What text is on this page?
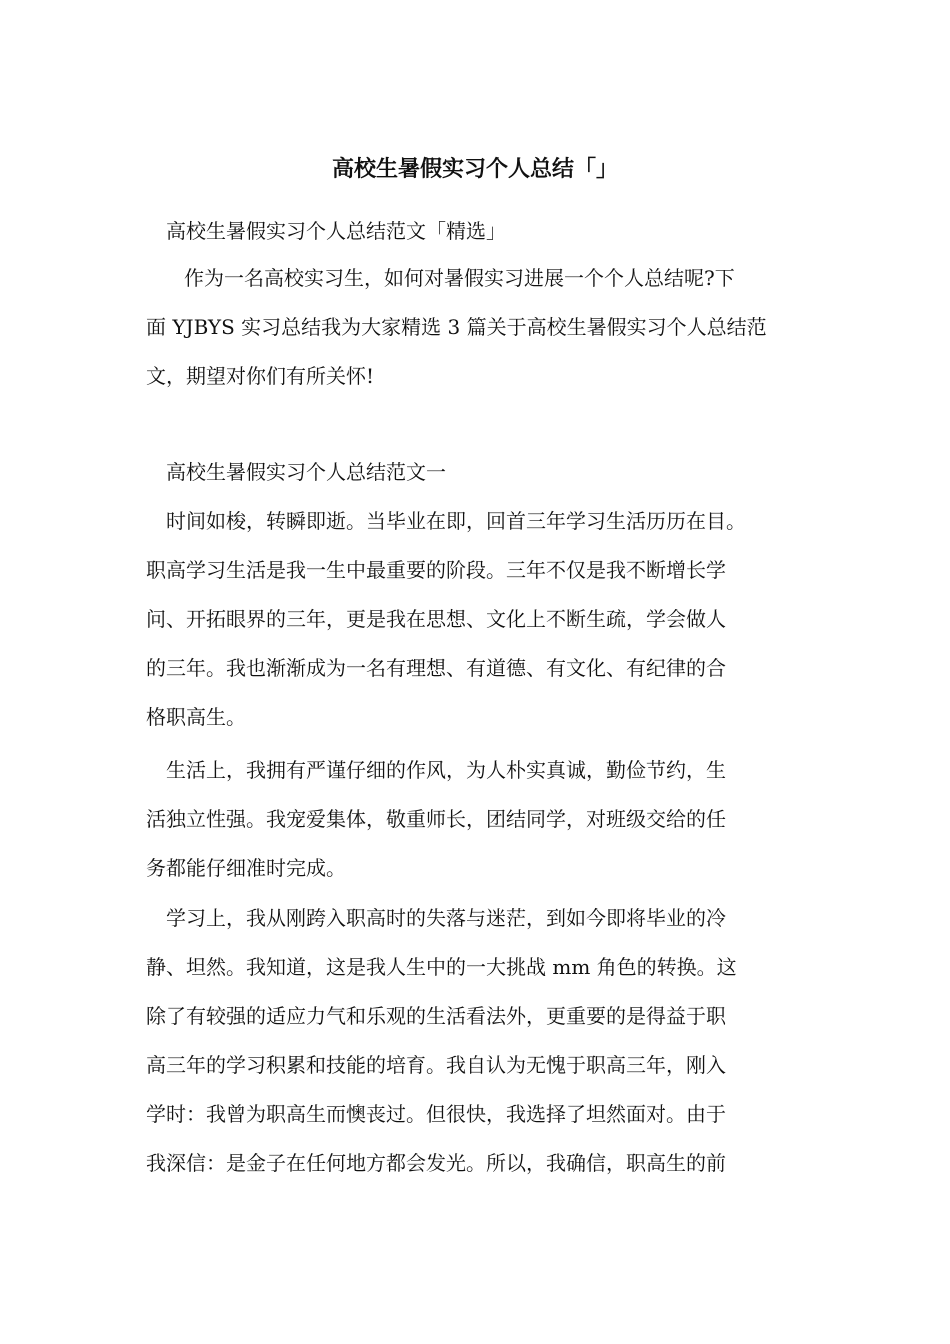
高校生暑假实习个人总结「」

高校生暑假实习个人总结范文「精选」

作为一名高校实习生，如何对暑假实习进展一个个人总结呢?下
面 YJBYS 实习总结我为大家精选 3 篇关于高校生暑假实习个人总结范
文，期望对你们有所关怀!

高校生暑假实习个人总结范文一

时间如梭，转瞬即逝。当毕业在即，回首三年学习生活历历在目。
职高学习生活是我一生中最重要的阶段。三年不仅是我不断增长学
问、开拓眼界的三年，更是我在思想、文化上不断生疏，学会做人
的三年。我也渐渐成为一名有理想、有道德、有文化、有纪律的合
格职高生。

生活上，我拥有严谨仔细的作风，为人朴实真诚，勤俭节约，生
活独立性强。我宠爱集体，敬重师长，团结同学，对班级交给的任
务都能仔细准时完成。

学习上，我从刚跨入职高时的失落与迷茫，到如今即将毕业的冷
静、坦然。我知道，这是我人生中的一大挑战 mm 角色的转换。这
除了有较强的适应力气和乐观的生活看法外，更重要的是得益于职
高三年的学习积累和技能的培育。我自认为无愧于职高三年，刚入
学时：我曾为职高生而懊丧过。但很快，我选择了坦然面对。由于
我深信：是金子在任何地方都会发光。所以，我确信，职高生的前
